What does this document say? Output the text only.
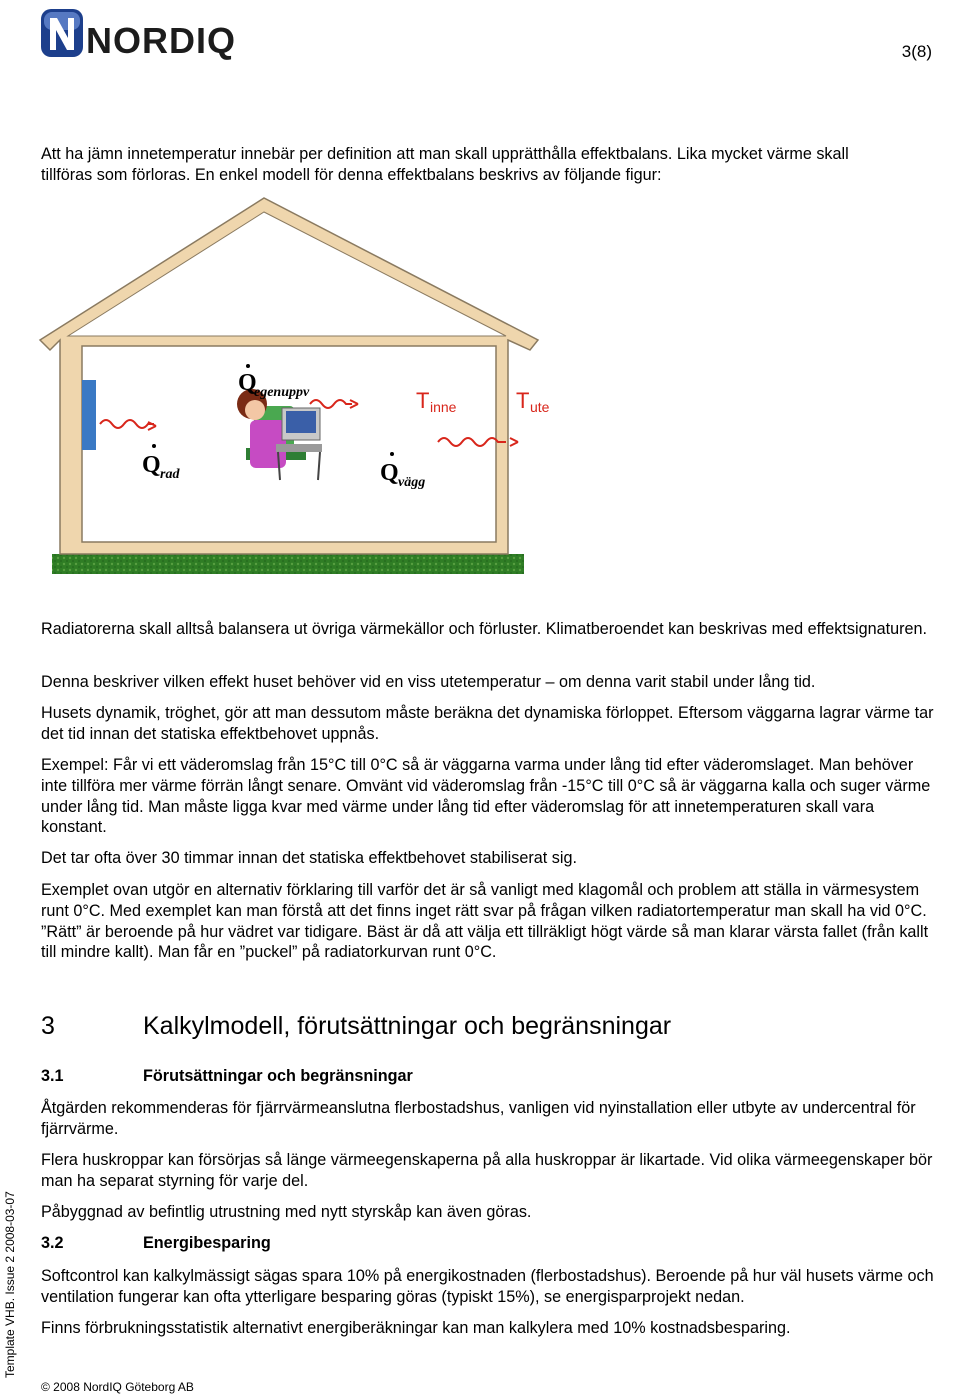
NORDIQ	3(8)

Att ha jämn innetemperatur innebär per definition att man skall upprätthålla effektbalans. Lika mycket värme skall

tillföras som förloras. En enkel modell för denna effektbalans beskrivs av följande figur:

Q
egenuppv	T inne	T ute
Q rad	Q vägg

Radiatorerna skall alltså balansera ut övriga värmekällor och förluster. Klimatberoendet kan beskrivas med effektsignaturen.

Denna beskriver vilken effekt huset behöver vid en viss utetemperatur – om denna varit stabil under lång tid.

Husets dynamik, tröghet, gör att man dessutom måste beräkna det dynamiska förloppet. Eftersom väggarna lagrar värme tar det tid innan det statiska effektbehovet uppnås.

Exempel: Får vi ett väderomslag från 15°C till 0°C så är väggarna varma under lång tid efter väderomslaget. Man behöver inte tillföra mer värme förrän långt senare. Omvänt vid väderomslag från -15°C till 0°C så är väggarna kalla och suger värme under lång tid. Man måste ligga kvar med värme under lång tid efter väderomslag för att innetemperaturen skall vara konstant.

Det tar ofta över 30 timmar innan det statiska effektbehovet stabiliserat sig.

Exemplet ovan utgör en alternativ förklaring till varför det är så vanligt med klagomål och problem att ställa in värmesystem runt 0°C. Med exemplet kan man förstå att det finns inget rätt svar på frågan vilken radiatortemperatur man skall ha vid 0°C. ”Rätt” är beroende på hur vädret var tidigare. Bäst är då att välja ett tillräkligt högt värde så man klarar värsta fallet (från kallt till mindre kallt). Man får en ”puckel” på radiatorkurvan runt 0°C.

3	Kalkylmodell, förutsättningar och begränsningar
3.1	Förutsättningar och begränsningar

Åtgärden rekommenderas för fjärrvärmeanslutna flerbostadshus, vanligen vid nyinstallation eller utbyte av undercentral för fjärrvärme.

Flera huskroppar kan försörjas så länge värmeegenskaperna på alla huskroppar är likartade. Vid olika värmeegenskaper bör man ha separat styrning för varje del.

Påbyggnad av befintlig utrustning med nytt styrskåp kan även göras.

3.2	Energibesparing

Softcontrol kan kalkylmässigt sägas spara 10% på energikostnaden (flerbostadshus). Beroende på hur väl husets värme och ventilation fungerar kan ofta ytterligare besparing göras (typiskt 15%), se energisparprojekt nedan.

Finns förbrukningsstatistik alternativt energiberäkningar kan man kalkylera med 10% kostnadsbesparing.

Template VHB. Issue 2 2008-03-07
© 2008 NordIQ Göteborg AB
